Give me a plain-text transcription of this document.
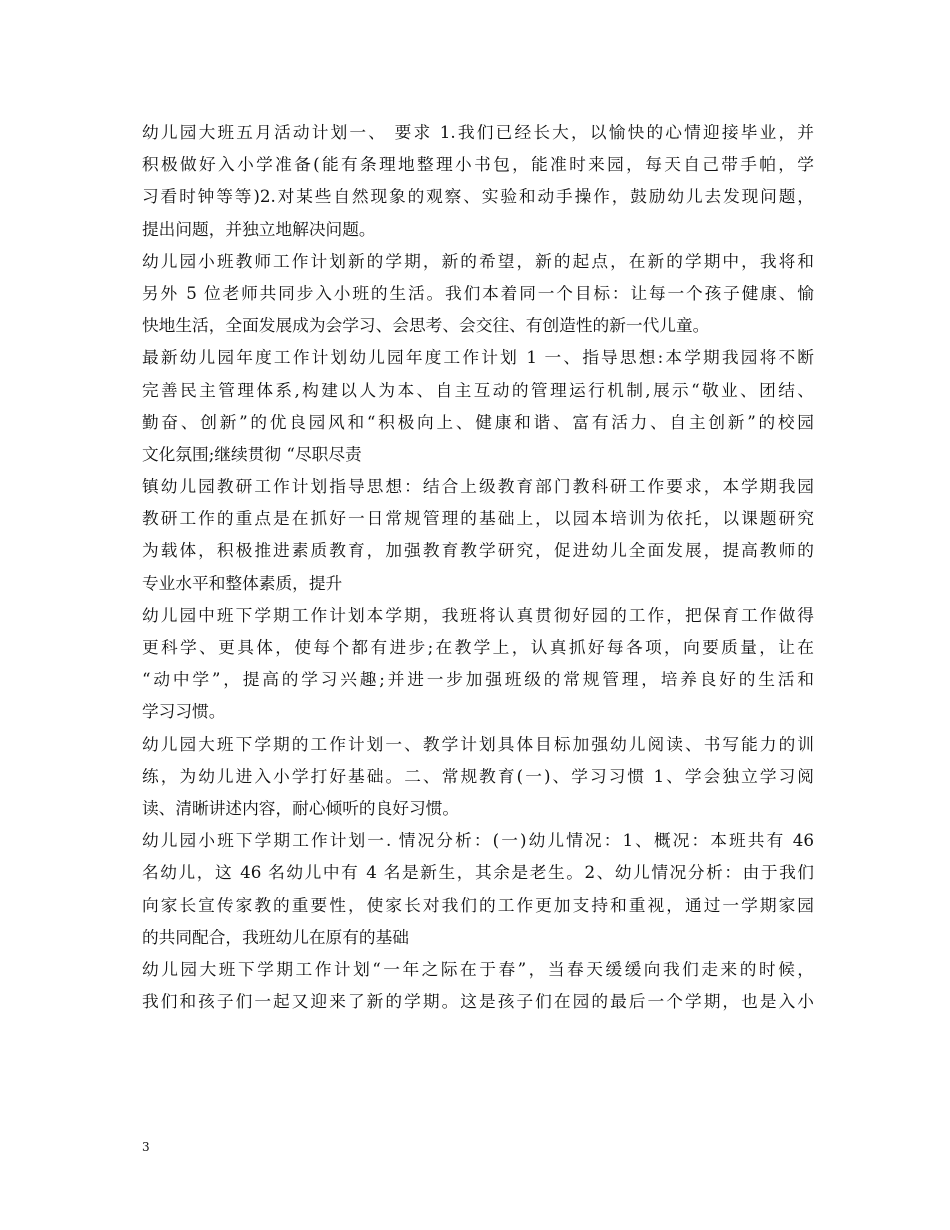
幼儿园大班五月活动计划一、 要求 1.我们已经长大，以愉快的心情迎接毕业，并
积极做好入小学准备(能有条理地整理小书包，能准时来园，每天自己带手帕，学
习看时钟等等)2.对某些自然现象的观察、实验和动手操作，鼓励幼儿去发现问题，
提出问题，并独立地解决问题。
幼儿园小班教师工作计划新的学期，新的希望，新的起点，在新的学期中，我将和
另外 5 位老师共同步入小班的生活。我们本着同一个目标：让每一个孩子健康、愉
快地生活，全面发展成为会学习、会思考、会交往、有创造性的新一代儿童。
最新幼儿园年度工作计划幼儿园年度工作计划 1 一、指导思想:本学期我园将不断
完善民主管理体系,构建以人为本、自主互动的管理运行机制,展示“敬业、团结、
勤奋、创新”的优良园风和“积极向上、健康和谐、富有活力、自主创新”的校园
文化氛围;继续贯彻 “尽职尽责
镇幼儿园教研工作计划指导思想：结合上级教育部门教科研工作要求，本学期我园
教研工作的重点是在抓好一日常规管理的基础上，以园本培训为依托，以课题研究
为载体，积极推进素质教育，加强教育教学研究，促进幼儿全面发展，提高教师的
专业水平和整体素质，提升
幼儿园中班下学期工作计划本学期，我班将认真贯彻好园的工作，把保育工作做得
更科学、更具体，使每个都有进步;在教学上，认真抓好每各项，向要质量，让在
“动中学”，提高的学习兴趣;并进一步加强班级的常规管理，培养良好的生活和
学习习惯。
幼儿园大班下学期的工作计划一、教学计划具体目标加强幼儿阅读、书写能力的训
练，为幼儿进入小学打好基础。二、常规教育(一)、学习习惯 1、学会独立学习阅
读、清晰讲述内容，耐心倾听的良好习惯。
幼儿园小班下学期工作计划一. 情况分析：(一)幼儿情况：1、概况：本班共有 46
名幼儿，这 46 名幼儿中有 4 名是新生，其余是老生。2、幼儿情况分析：由于我们
向家长宣传家教的重要性，使家长对我们的工作更加支持和重视，通过一学期家园
的共同配合，我班幼儿在原有的基础
幼儿园大班下学期工作计划“一年之际在于春”，当春天缓缓向我们走来的时候，
我们和孩子们一起又迎来了新的学期。这是孩子们在园的最后一个学期，也是入小
3
